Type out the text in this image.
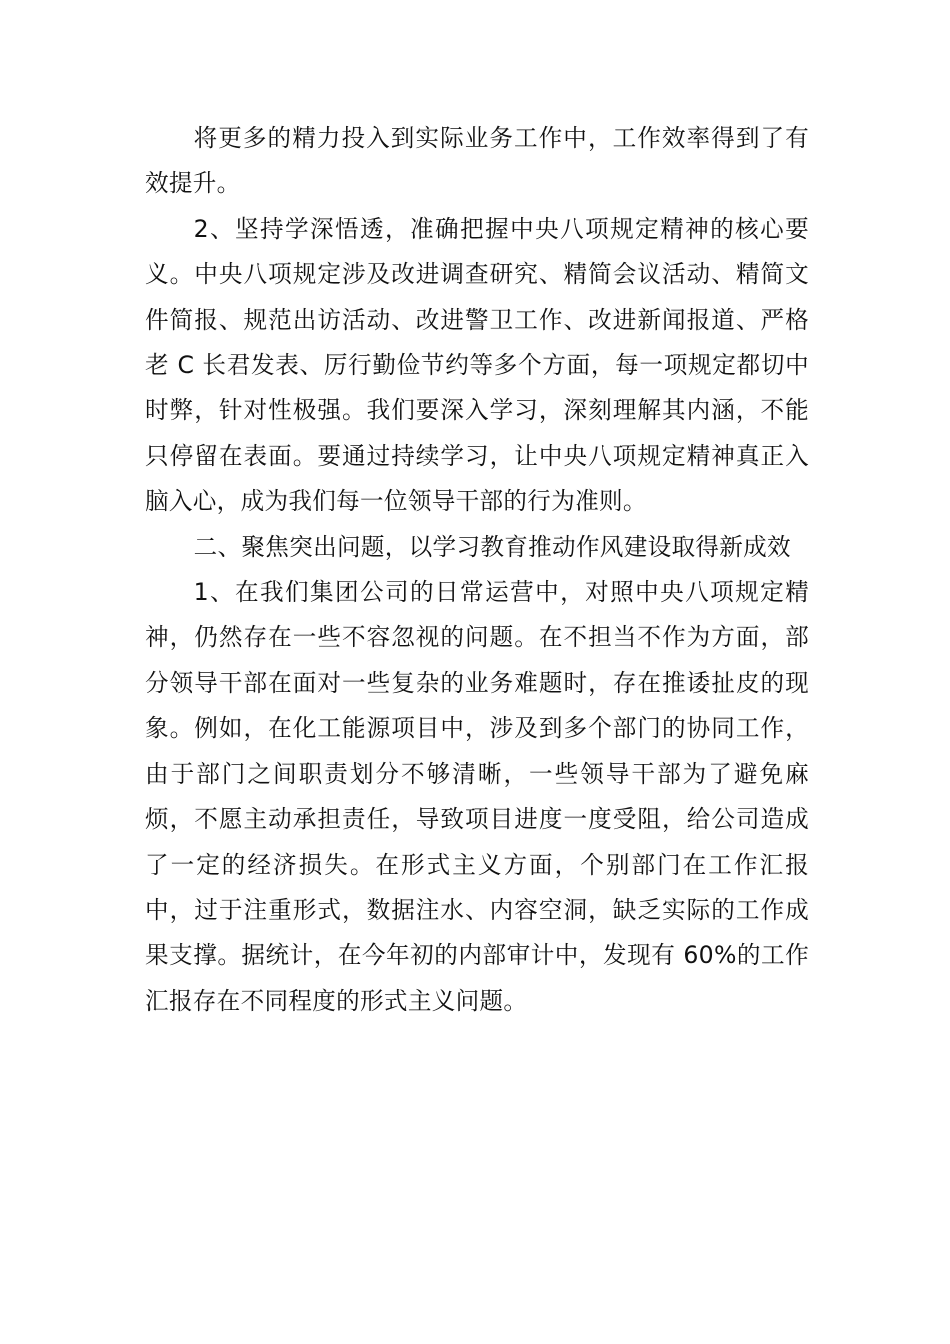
将更多的精力投入到实际业务工作中，工作效率得到了有效提升。

2、坚持学深悟透，准确把握中央八项规定精神的核心要义。中央八项规定涉及改进调查研究、精简会议活动、精简文件简报、规范出访活动、改进警卫工作、改进新闻报道、严格老 C 长君发表、厉行勤俭节约等多个方面，每一项规定都切中时弊，针对性极强。我们要深入学习，深刻理解其内涵，不能只停留在表面。要通过持续学习，让中央八项规定精神真正入脑入心，成为我们每一位领导干部的行为准则。

二、聚焦突出问题，以学习教育推动作风建设取得新成效

1、在我们集团公司的日常运营中，对照中央八项规定精神，仍然存在一些不容忽视的问题。在不担当不作为方面，部分领导干部在面对一些复杂的业务难题时，存在推诿扯皮的现象。例如，在化工能源项目中，涉及到多个部门的协同工作，由于部门之间职责划分不够清晰，一些领导干部为了避免麻烦，不愿主动承担责任，导致项目进度一度受阻，给公司造成了一定的经济损失。在形式主义方面，个别部门在工作汇报中，过于注重形式，数据注水、内容空洞，缺乏实际的工作成果支撑。据统计，在今年初的内部审计中，发现有 60%的工作汇报存在不同程度的形式主义问题。
